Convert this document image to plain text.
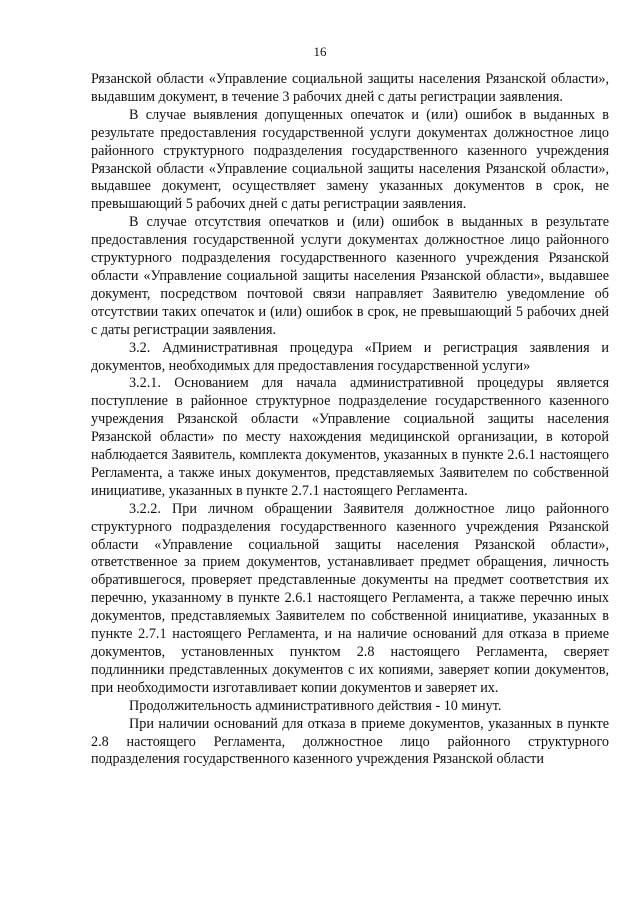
16

Рязанской области «Управление социальной защиты населения Рязанской области», выдавшим документ, в течение 3 рабочих дней с даты регистрации заявления.

В случае выявления допущенных опечаток и (или) ошибок в выданных в результате предоставления государственной услуги документах должностное лицо районного структурного подразделения государственного казенного учреждения Рязанской области «Управление социальной защиты населения Рязанской области», выдавшее документ, осуществляет замену указанных документов в срок, не превышающий 5 рабочих дней с даты регистрации заявления.

В случае отсутствия опечатков и (или) ошибок в выданных в результате предоставления государственной услуги документах должностное лицо районного структурного подразделения государственного казенного учреждения Рязанской области «Управление социальной защиты населения Рязанской области», выдавшее документ, посредством почтовой связи направляет Заявителю уведомление об отсутствии таких опечаток и (или) ошибок в срок, не превышающий 5 рабочих дней с даты регистрации заявления.

3.2. Административная процедура «Прием и регистрация заявления и документов, необходимых для предоставления государственной услуги»

3.2.1. Основанием для начала административной процедуры является поступление в районное структурное подразделение государственного казенного учреждения Рязанской области «Управление социальной защиты населения Рязанской области» по месту нахождения медицинской организации, в которой наблюдается Заявитель, комплекта документов, указанных в пункте 2.6.1 настоящего Регламента, а также иных документов, представляемых Заявителем по собственной инициативе, указанных в пункте 2.7.1 настоящего Регламента.

3.2.2. При личном обращении Заявителя должностное лицо районного структурного подразделения государственного казенного учреждения Рязанской области «Управление социальной защиты населения Рязанской области», ответственное за прием документов, устанавливает предмет обращения, личность обратившегося, проверяет представленные документы на предмет соответствия их перечню, указанному в пункте 2.6.1 настоящего Регламента, а также перечню иных документов, представляемых Заявителем по собственной инициативе, указанных в пункте 2.7.1 настоящего Регламента, и на наличие оснований для отказа в приеме документов, установленных пунктом 2.8 настоящего Регламента, сверяет подлинники представленных документов с их копиями, заверяет копии документов, при необходимости изготавливает копии документов и заверяет их.

Продолжительность административного действия - 10 минут.

При наличии оснований для отказа в приеме документов, указанных в пункте 2.8 настоящего Регламента, должностное лицо районного структурного подразделения государственного казенного учреждения Рязанской области
